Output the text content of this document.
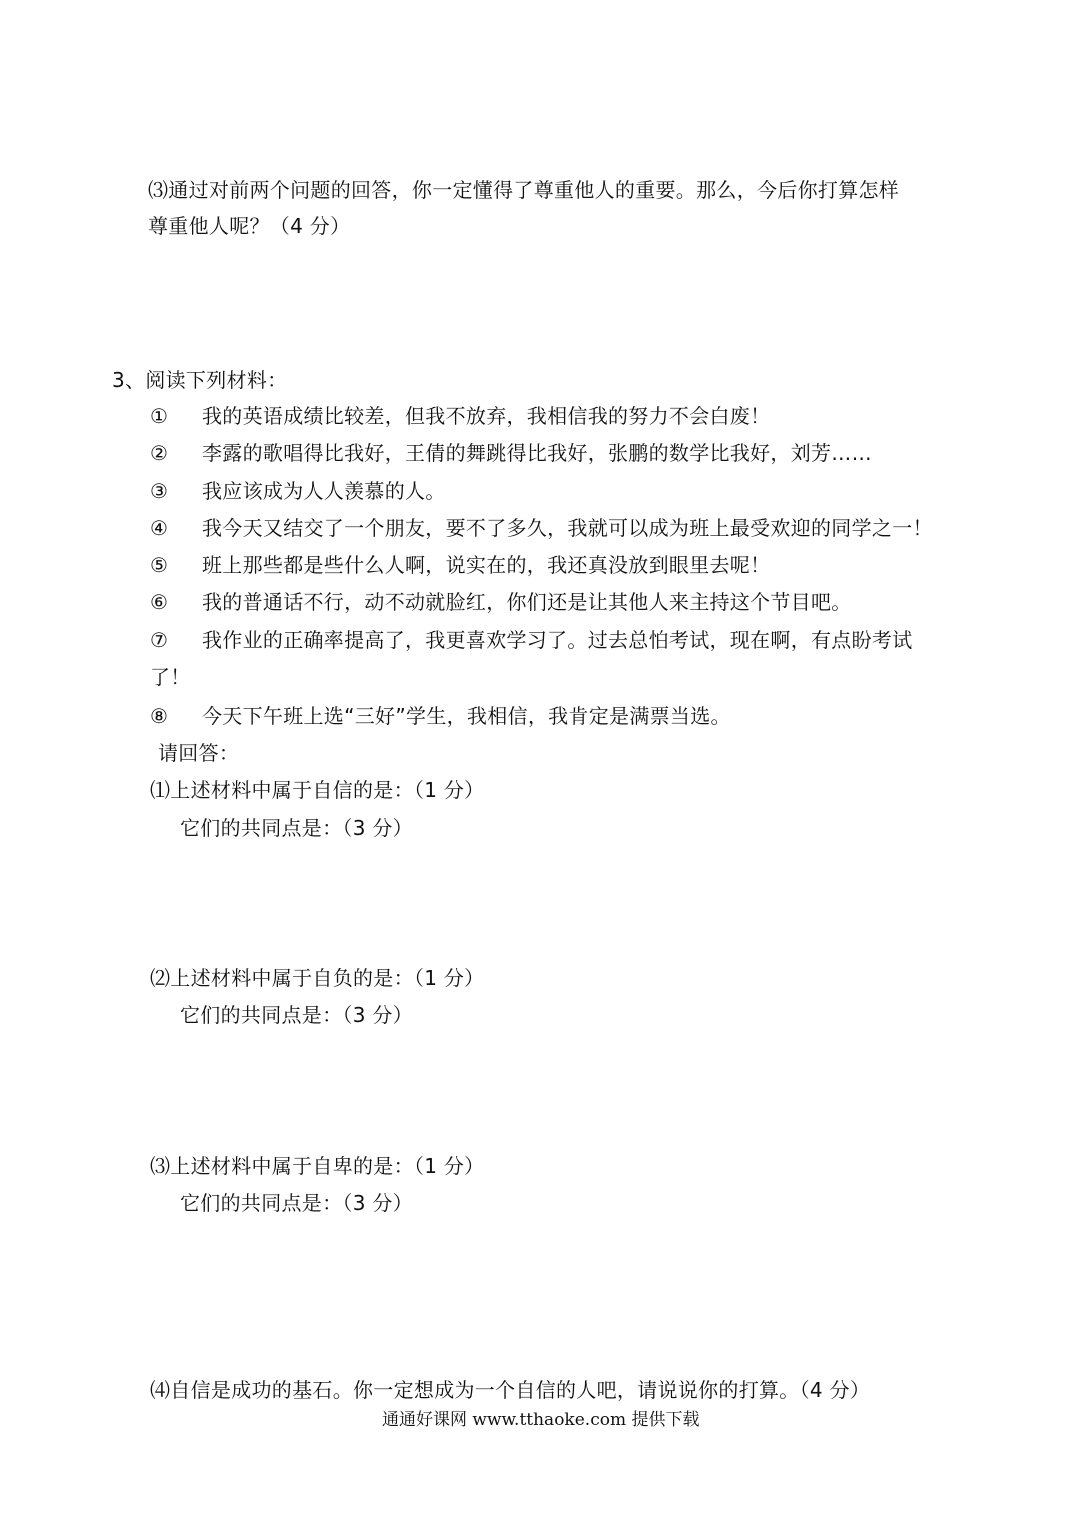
⑶通过对前两个问题的回答，你一定懂得了尊重他人的重要。那么，今后你打算怎样
尊重他人呢？（4 分）
3、阅读下列材料：
① 我的英语成绩比较差，但我不放弃，我相信我的努力不会白废！
② 李露的歌唱得比我好，王倩的舞跳得比我好，张鹏的数学比我好，刘芳……
③ 我应该成为人人羡慕的人。
④ 我今天又结交了一个朋友，要不了多久，我就可以成为班上最受欢迎的同学之一！
⑤ 班上那些都是些什么人啊，说实在的，我还真没放到眼里去呢！
⑥ 我的普通话不行，动不动就脸红，你们还是让其他人来主持这个节目吧。
⑦ 我作业的正确率提高了，我更喜欢学习了。过去总怕考试，现在啊，有点盼考试
了！
⑧ 今天下午班上选“三好”学生，我相信，我肯定是满票当选。
请回答：
⑴上述材料中属于自信的是：（1 分）
它们的共同点是：（3 分）
⑵上述材料中属于自负的是：（1 分）
它们的共同点是：（3 分）
⑶上述材料中属于自卑的是：（1 分）
它们的共同点是：（3 分）
⑷自信是成功的基石。你一定想成为一个自信的人吧，请说说你的打算。（4 分）
通通好课网 www.tthaoke.com 提供下载
